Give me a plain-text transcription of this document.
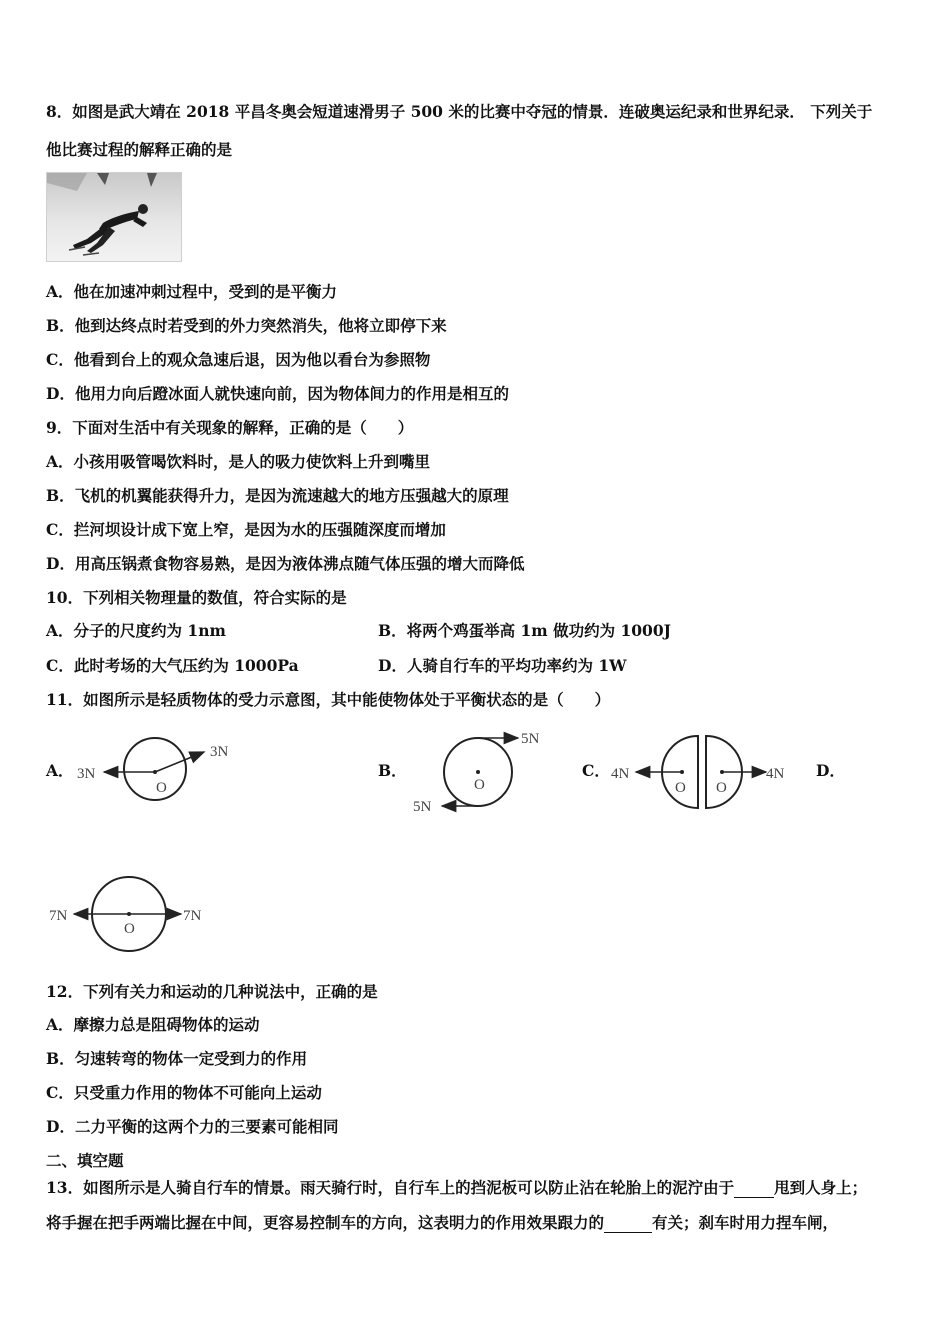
8．如图是武大靖在 2018 平昌冬奥会短道速滑男子 500 米的比赛中夺冠的情景．连破奥运纪录和世界纪录． 下列关于
他比赛过程的解释正确的是
A．他在加速冲刺过程中，受到的是平衡力
B．他到达终点时若受到的外力突然消失，他将立即停下来
C．他看到台上的观众急速后退，因为他以看台为参照物
D．他用力向后蹬冰面人就快速向前，因为物体间力的作用是相互的
9．下面对生活中有关现象的解释，正确的是（　　）
A．小孩用吸管喝饮料时，是人的吸力使饮料上升到嘴里
B．飞机的机翼能获得升力，是因为流速越大的地方压强越大的原理
C．拦河坝设计成下宽上窄，是因为水的压强随深度而增加
D．用高压锅煮食物容易熟，是因为液体沸点随气体压强的增大而降低
10．下列相关物理量的数值，符合实际的是
A．分子的尺度约为 1nm	B．将两个鸡蛋举高 1m 做功约为 1000J
C．此时考场的大气压约为 1000Pa	D．人骑自行车的平均功率约为 1W
11．如图所示是轻质物体的受力示意图，其中能使物体处于平衡状态的是（　　）
A． 3N
3N
O
B．
5N
5N
O
C． 4N	4N
O O
D．
7N	7N
O
12．下列有关力和运动的几种说法中，正确的是
A．摩擦力总是阻碍物体的运动
B．匀速转弯的物体一定受到力的作用
C．只受重力作用的物体不可能向上运动
D．二力平衡的这两个力的三要素可能相同
二、填空题
13．如图所示是人骑自行车的情景。雨天骑行时，自行车上的挡泥板可以防止沾在轮胎上的泥泞由于	甩到人身上；
将手握在把手两端比握在中间，更容易控制车的方向，这表明力的作用效果跟力的	有关；刹车时用力捏车闸，
